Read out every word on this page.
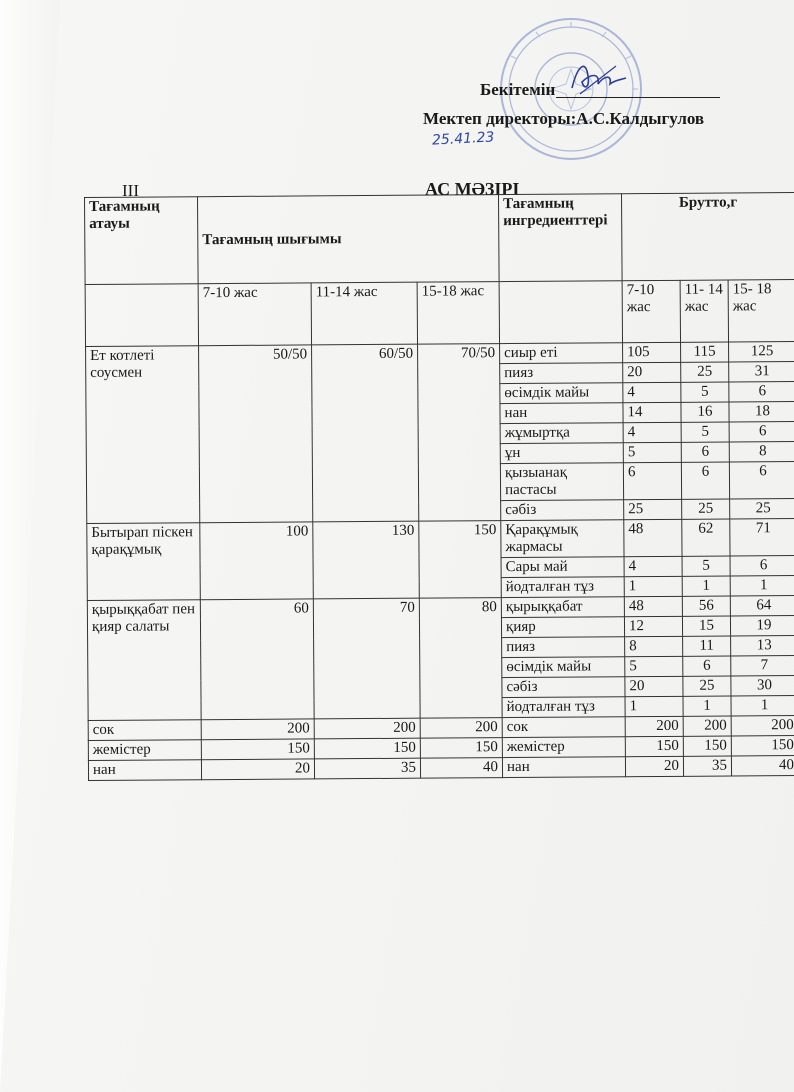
Бекітемін
Мектеп директоры:А.С.Калдыгулов
25.41.23
III	АС МӘЗІРІ
Тағамның атауы	Тағамның шығымы			Тағамның ингредиенттері	Брутто,г		
	7-10 жас	11-14 жас	15-18 жас		7-10 жас	11- 14 жас	15- 18 жас
Ет котлеті соусмен	50/50	60/50	70/50	сиыр еті	105	115	125
				пияз	20	25	31
				өсімдік майы	4	5	6
				нан	14	16	18
				жұмыртқа	4	5	6
				ұн	5	6	8
				қызыанақ пастасы	6	6	6
				сәбіз	25	25	25
Бытырап піскен қарақұмық	100	130	150	Қарақұмық жармасы	48	62	71
				Сары май	4	5	6
				йодталған тұз	1	1	1
қырыққабат пен қияр салаты	60	70	80	қырыққабат	48	56	64
				қияр	12	15	19
				пияз	8	11	13
				өсімдік майы	5	6	7
				сәбіз	20	25	30
				йодталған тұз	1	1	1
сок	200	200	200	сок	200	200	200
жемістер	150	150	150	жемістер	150	150	150
нан	20	35	40	нан	20	35	40
